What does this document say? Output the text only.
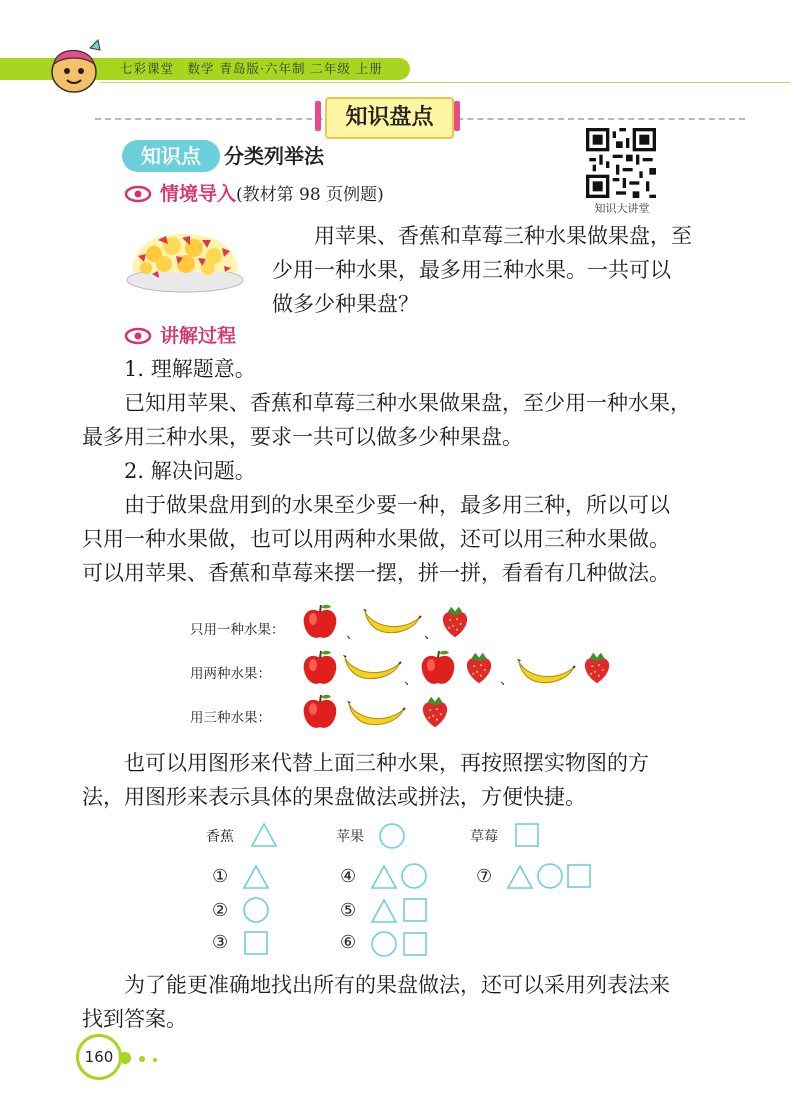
七彩课堂　数学 青岛版·六年制 二年级 上册
知识盘点
知识点	分类列举法
知识大讲堂
情境导入(教材第 98 页例题)
用苹果、香蕉和草莓三种水果做果盘，至
少用一种水果，最多用三种水果。一共可以
做多少种果盘？
讲解过程
1. 理解题意。
已知用苹果、香蕉和草莓三种水果做果盘，至少用一种水果，
最多用三种水果，要求一共可以做多少种果盘。
2. 解决问题。
由于做果盘用到的水果至少要一种，最多用三种，所以可以
只用一种水果做，也可以用两种水果做，还可以用三种水果做。
可以用苹果、香蕉和草莓来摆一摆，拼一拼，看看有几种做法。
只用一种水果：	、	、
用两种水果：	、	、
用三种水果：
也可以用图形来代替上面三种水果，再按照摆实物图的方
法，用图形来表示具体的果盘做法或拼法，方便快捷。
香蕉	苹果	草莓
①
②
③
④
⑤
⑥
⑦
为了能更准确地找出所有的果盘做法，还可以采用列表法来
找到答案。
160
